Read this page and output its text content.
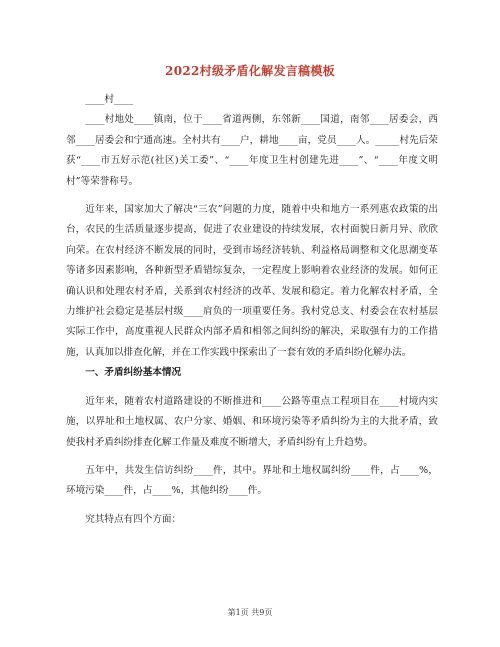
2022村级矛盾化解发言稿模板

____村____

____村地处____镇南，位于____省道两侧，东邻新____国道，南邻____居委会，西邻____居委会和宁通高速。全村共有____户，耕地____亩，党员____人。_____村先后荣获“____市五好示范(社区)关工委”、“____年度卫生村创建先进____”、“____年度文明村”等荣誉称号。

近年来，国家加大了解决“三农”问题的力度，随着中央和地方一系列惠农政策的出台，农民的生活质量逐步提高，促进了农业建设的持续发展，农村面貌日新月异、欣欣向荣。在农村经济不断发展的同时，受到市场经济转轨、利益格局调整和文化思潮变革等诸多因素影响，各种新型矛盾错综复杂，一定程度上影响着农业经济的发展。如何正确认识和处理农村矛盾，关系到农村经济的改革、发展和稳定。着力化解农村矛盾，全力维护社会稳定是基层村级____肩负的一项重要任务。我村党总支、村委会在农村基层实际工作中，高度重视人民群众内部矛盾和相邻之间纠纷的解决，采取强有力的工作措施，认真加以排查化解，并在工作实践中探索出了一套有效的矛盾纠纷化解办法。

一、矛盾纠纷基本情况

近年来，随着农村道路建设的不断推进和____公路等重点工程项目在____村境内实施，以界址和土地权属、农户分家、婚姻、和环境污染等矛盾纠纷为主的大批矛盾，致使我村矛盾纠纷排查化解工作量及难度不断增大，矛盾纠纷有上升趋势。

五年中，共发生信访纠纷____件，其中。界址和土地权属纠纷____件，占____%，环境污染____件，占____%，其他纠纷____件。

究其特点有四个方面：

第1页 共9页
